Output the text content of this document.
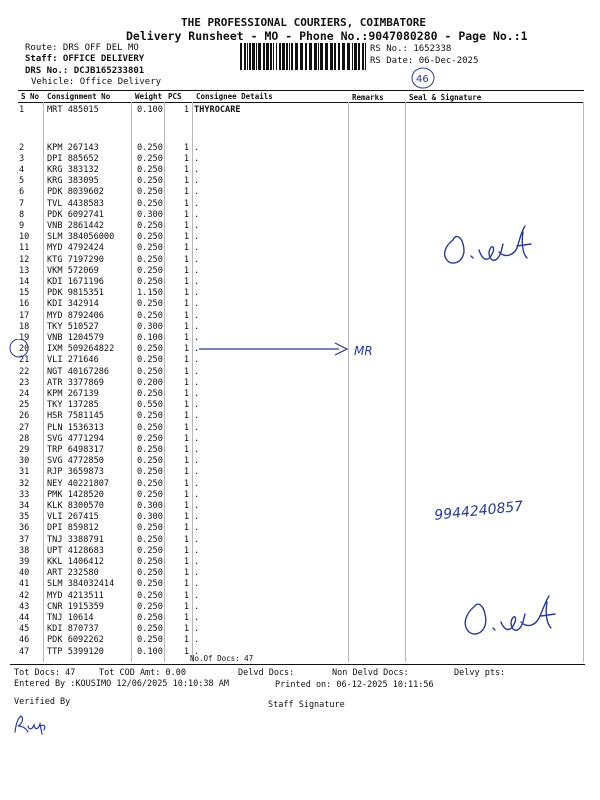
THE PROFESSIONAL COURIERS, COIMBATORE
Delivery Runsheet - MO - Phone No.:9047080280 - Page No.:1
Route: DRS OFF DEL MO
Staff: OFFICE DELIVERY
DRS No.: DCJB165233801
Vehicle: Office Delivery
RS No.: 1652338
RS Date: 06-Dec-2025
46
S No Consignment No	Weight PCS Consignee Details	Remarks	Seal & Signature
1	MRT 485015	0.100	1 THYROCARE
2	KPM 267143	0.250	1 .
3	DPI 885652	0.250	1 .
4	KRG 383132	0.250	1 .
5	KRG 383095	0.250	1 .
6	PDK 8039602	0.250	1 .
7	TVL 4438583	0.250	1 .
8	PDK 6092741	0.300	1 .
9	VNB 2861442	0.250	1 .
10 SLM 384056000	0.250	1 .
11 MYD 4792424	0.250	1 .
12 KTG 7197290	0.250	1 .
13 VKM 572069	0.250	1 .
14 KDI 1671196	0.250	1 .
15 PDK 9815351	1.150	1 .
16 KDI 342914	0.250	1 .
17 MYD 8792406	0.250	1 .
18 TKY 510527	0.300	1 .
19 VNB 1204579	0.100	1 .
20 IXM 509264822	0.250	1 .
21 VLI 271646	0.250	1 .
22 NGT 40167286	0.250	1 .
23 ATR 3377869	0.200	1 .
24 KPM 267139	0.250	1 .
25 TKY 137285	0.550	1 .
26 HSR 7581145	0.250	1 .
27 PLN 1536313	0.250	1 .
28 SVG 4771294	0.250	1 .
29 TRP 6498317	0.250	1 .
30 SVG 4772850	0.250	1 .
31 RJP 3659873	0.250	1 .
32 NEY 40221807	0.250	1 .
33 PMK 1428520	0.250	1 .
34 KLK 8300570	0.300	1 .
35 VLI 267415	0.300	1 .
36 DPI 859812	0.250	1 .
37 TNJ 3388791	0.250	1 .
38 UPT 4128683	0.250	1 .
39 KKL 1406412	0.250	1 .
40 ART 232580	0.250	1 .
41 SLM 384032414	0.250	1 .
42 MYD 4213511	0.250	1 .
43 CNR 1915359	0.250	1 .
44 TNJ 10614	0.250	1 .
45 KDI 870737	0.250	1 .
46 PDK 6092262	0.250	1 .
47 TTP 5399120	0.100	1 .
No.Of Docs: 47
Tot Docs: 47	Tot COD Amt: 0.00	Delvd Docs:	Non Delvd Docs:	Delvy pts:
Entered By :KOUSIMO 12/06/2025 10:10:38 AM	Printed on: 06-12-2025 10:11:56
Verified By	Staff Signature
MR
9944240857
